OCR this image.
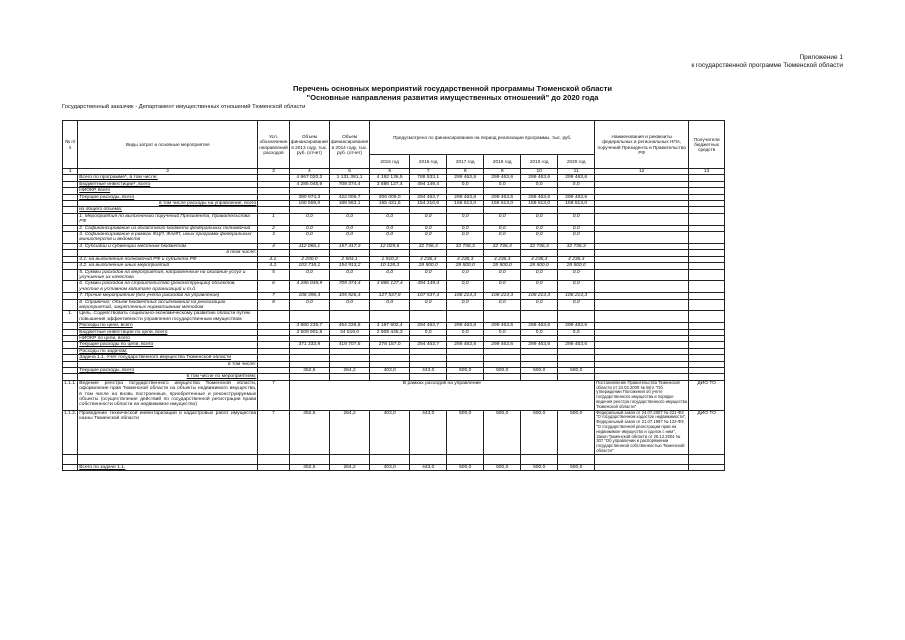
Приложение 1
к государственной программе Тюменской области
Перечень основных мероприятий государственной программы Тюменской области
"Основные направления развития имущественных отношений" до 2020 года
Государственный заказчик - Департамент имущественных отношений Тюменской области
№ п/п	Виды затрат и основные мероприятия	Усл. обозначение направлений расходов	Объем финансирования в 2013 году, тыс. руб. (отчет)	Объем финансирования в 2014 году, тыс. руб. (отчет)	Предусмотрено по финансированию на период реализации программы, тыс. руб.						Наименования и реквизиты федеральных и региональных НПА, поручений Президента и Правительства РФ	Получатели бюджетных средств
					2015 год	2016 год	2017 год	2018 год	2019 год	2020 год		
1	2	3	4	5	6	7	8	9	10	11	12	13
	Всего по программе*, в том числе:		4 867 020,2	1 131 381,1	4 192 136,5	788 533,1	299 463,8	299 463,6	299 463,6	299 463,6		
	Бюджетные инвестиции*, всего		4 286 045,9	709 374,4	3 886 127,4	494 149,4	0,0	0,0	0,0	0,0		
	НИОКР, всего											
	Текущие расходы, всего		380 974,3	422 006,7	306 009,0	294 463,7	299 463,8	299 463,6	299 463,6	299 463,6		
	в том числе расходы на управление, всего		160 559,0	188 563,1	165 431,6	154 210,6	158 513,0	158 513,0	158 513,0	158 513,0		
	из общего объема:											
	1. Мероприятия по выполнению поручений Президента, Правительства РФ	1	0,0	0,0	0,0	0,0	0,0	0,0	0,0	0,0		
	2. Софинансирование из областного бюджета федеральных полномочий	2	0,0	0,0	0,0	0,0	0,0	0,0	0,0	0,0		
	3. Софинансирование в рамках ФЦП, ФАИП, иных программ федеральных министерств и ведомств	3	0,0	0,0	0,0	0,0	0,0	0,0	0,0	0,0		
	4. Субсидии и субвенции местным бюджетам	4	112 066,1	157 417,3	12 029,6	32 736,3	32 736,3	32 736,3	32 736,3	32 736,3		
	в том числе:											
	4.1. на выполнение полномочий РФ и субъекта РФ	4.1.	2 290,0	2 504,1	1 910,3	4 236,3	4 236,3	4 236,3	4 236,3	4 236,3		
	4.2. на выполнение иных мероприятий	4.2.	103 718,1	154 913,2	10 128,3	28 500,0	28 500,0	28 500,0	28 500,0	28 500,0		
	5. Суммы расходов на мероприятия, направленные на оказание услуг и улучшение их качества	5	0,0	0,0	0,0	0,0	0,0	0,0	0,0	0,0		
	6. Суммы расходов на строительство (реконструкцию) объектов, участие в уставном капитале организаций и т.д.	6	4 286 045,9	709 374,4	3 886 127,4	494 149,4	0,0	0,0	0,0	0,0		
	7. Прочие мероприятия (без учета расходов на управление)	7	108 396,4	105 926,4	127 537,8	107 537,4	108 214,3	108 214,3	108 214,3	108 214,3		
	8. Справочно: Объем бюджетных ассигнований на реализацию мероприятий, закрепленных нормативным методом	8	0,0	0,0	0,0	0,0	0,0	0,0	0,0	0,0		
1.	Цель. Содействовать социально-экономическому развитию области путем повышения эффективности управления государственным имуществом											
	Расходы по цели, всего		3 880 235,7	454 226,5	3 187 602,4	294 463,7	299 463,8	299 463,6	299 463,6	299 463,6		
	Бюджетные инвестиции по цели, всего		3 509 901,9	34 519,0	2 909 445,3	0,0	0,0	0,0	0,0	0,0		
	НИОКР по цели, всего											
	Текущие расходы по цели, всего		371 333,9	419 707,5	278 157,0	294 463,7	299 463,8	299 463,6	299 463,6	299 463,6		
	Расходы по задачам:											
	Задача 1.1. Учет государственного имущества Тюменской области											
	в том числе:											
	Текущие расходы, всего		352,5	264,2	403,0	443,0	500,0	500,0	500,0	500,0		
	в том числе по мероприятиям:											
1.1.1.	Ведение реестра государственного имущества Тюменской области, оформление прав Тюменской области на объекты недвижимого имущества, в том числе на вновь построенные, приобретенные и реконструируемые объекты (осуществление действий по государственной регистрации права собственности области на недвижимое имущество)	7	В рамках расходов на управление								Постановление Правительства Тюменской области от 24.02.2009 № 58-п "Об утверждении Положения об учете государственного имущества и порядке ведения реестра государственного имущества Тюменской области"	ДИО ТО
1.1.2.	Проведение технической инвентаризации и кадастровых работ имущества казны Тюменской области	7	352,5	264,2	403,0	443,0	500,0	500,0	500,0	500,0	Федеральный закон от 24.07.2007 № 221-ФЗ "О государственном кадастре недвижимости", Федеральный закон от 21.07.1997 № 122-ФЗ "О государственной регистрации прав на недвижимое имущество и сделок с ним", Закон Тюменской области от 28.12.2004 № 307 "Об управлении и распоряжении государственной собственностью Тюменской области"	ДИО ТО

	Всего по задаче 1.1.		352,5	264,2	403,0	443,0	500,0	500,0	500,0	500,0		
